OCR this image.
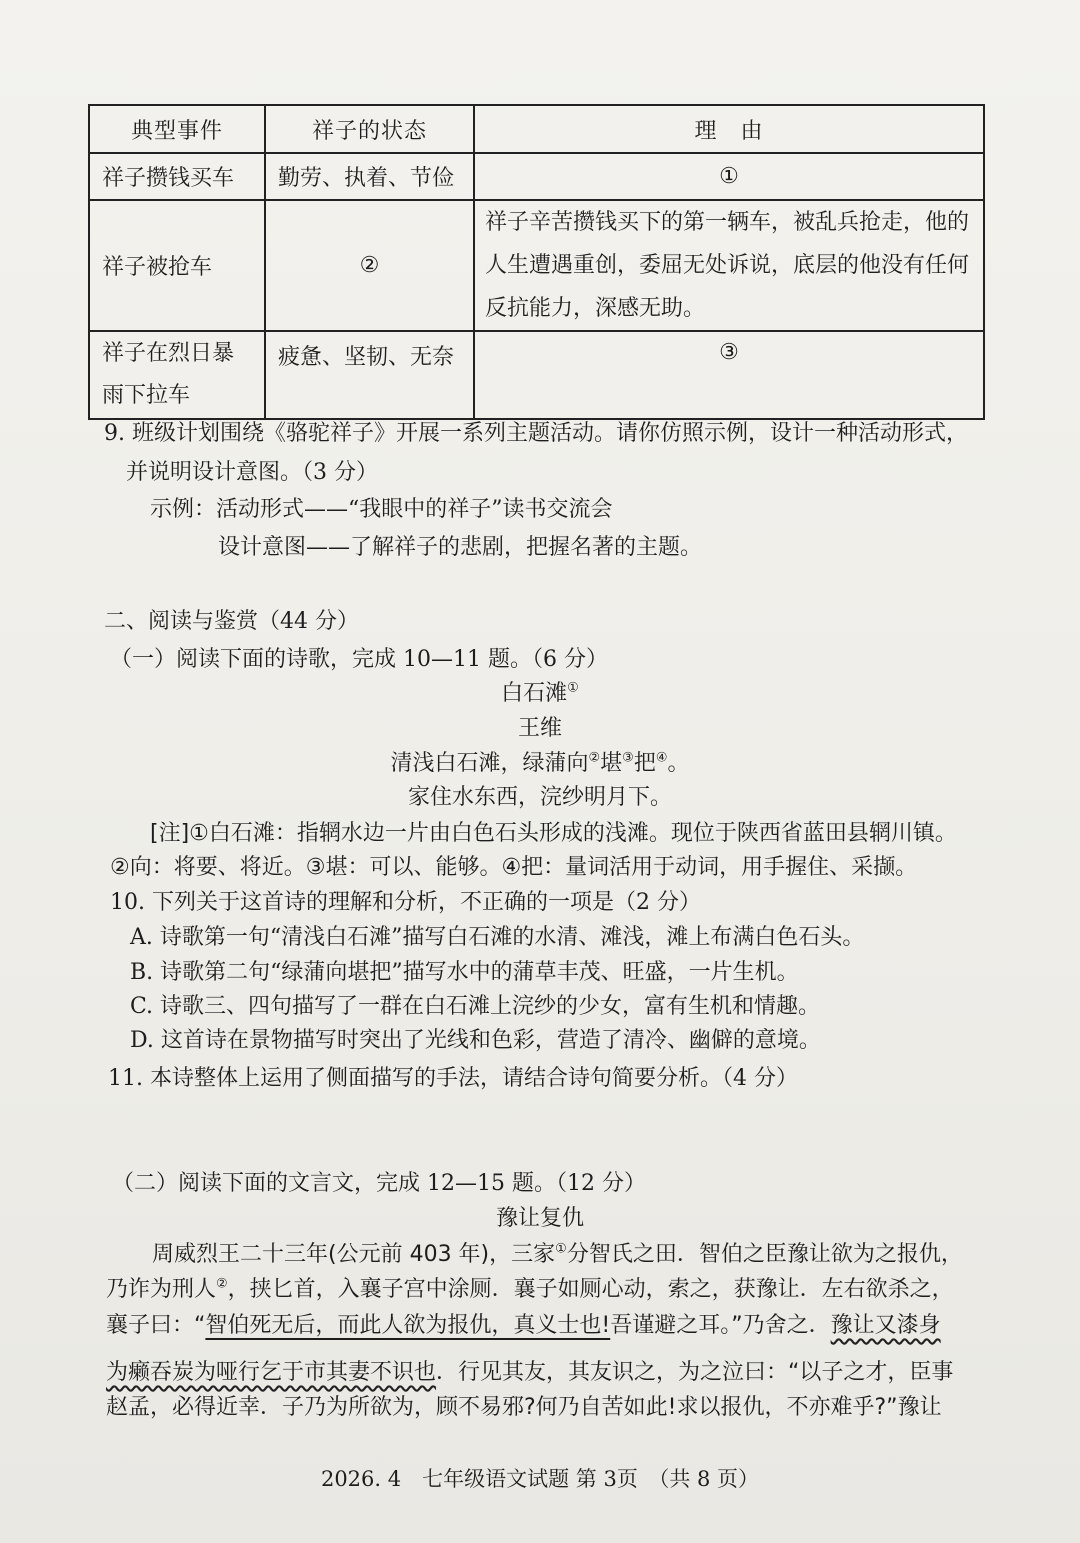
典型事件	祥子的状态	理　由
祥子攒钱买车	勤劳、执着、节俭	①
祥子被抢车	②	祥子辛苦攒钱买下的第一辆车，被乱兵抢走，他的人生遭遇重创，委屈无处诉说，底层的他没有任何反抗能力，深感无助。
祥子在烈日暴雨下拉车	疲惫、坚韧、无奈	③
9. 班级计划围绕《骆驼祥子》开展一系列主题活动。请你仿照示例，设计一种活动形式，
并说明设计意图。（3 分）
示例：活动形式——“我眼中的祥子”读书交流会
设计意图——了解祥子的悲剧，把握名著的主题。
二、阅读与鉴赏（44 分）
（一）阅读下面的诗歌，完成 10—11 题。（6 分）
白石滩①
王维
清浅白石滩，绿蒲向②堪③把④。
家住水东西，浣纱明月下。
[注]①白石滩：指辋水边一片由白色石头形成的浅滩。现位于陕西省蓝田县辋川镇。
②向：将要、将近。③堪：可以、能够。④把：量词活用于动词，用手握住、采撷。
10. 下列关于这首诗的理解和分析，不正确的一项是（2 分）
A. 诗歌第一句“清浅白石滩”描写白石滩的水清、滩浅，滩上布满白色石头。
B. 诗歌第二句“绿蒲向堪把”描写水中的蒲草丰茂、旺盛，一片生机。
C. 诗歌三、四句描写了一群在白石滩上浣纱的少女，富有生机和情趣。
D. 这首诗在景物描写时突出了光线和色彩，营造了清冷、幽僻的意境。
11. 本诗整体上运用了侧面描写的手法，请结合诗句简要分析。（4 分）
（二）阅读下面的文言文，完成 12—15 题。（12 分）
豫让复仇
周威烈王二十三年(公元前 403 年)，三家①分智氏之田．智伯之臣豫让欲为之报仇，
乃诈为刑人②，挟匕首，入襄子宫中涂厕．襄子如厕心动，索之，获豫让．左右欲杀之，
襄子曰：“智伯死无后，而此人欲为报仇，真义士也!吾谨避之耳。”乃舍之．豫让又漆身
为癞吞炭为哑行乞于市其妻不识也．行见其友，其友识之，为之泣曰：“以子之才，臣事
赵孟，必得近幸．子乃为所欲为，顾不易邪?何乃自苦如此!求以报仇，不亦难乎?”豫让
2026. 4　七年级语文试题 第 3页　（共 8 页）
